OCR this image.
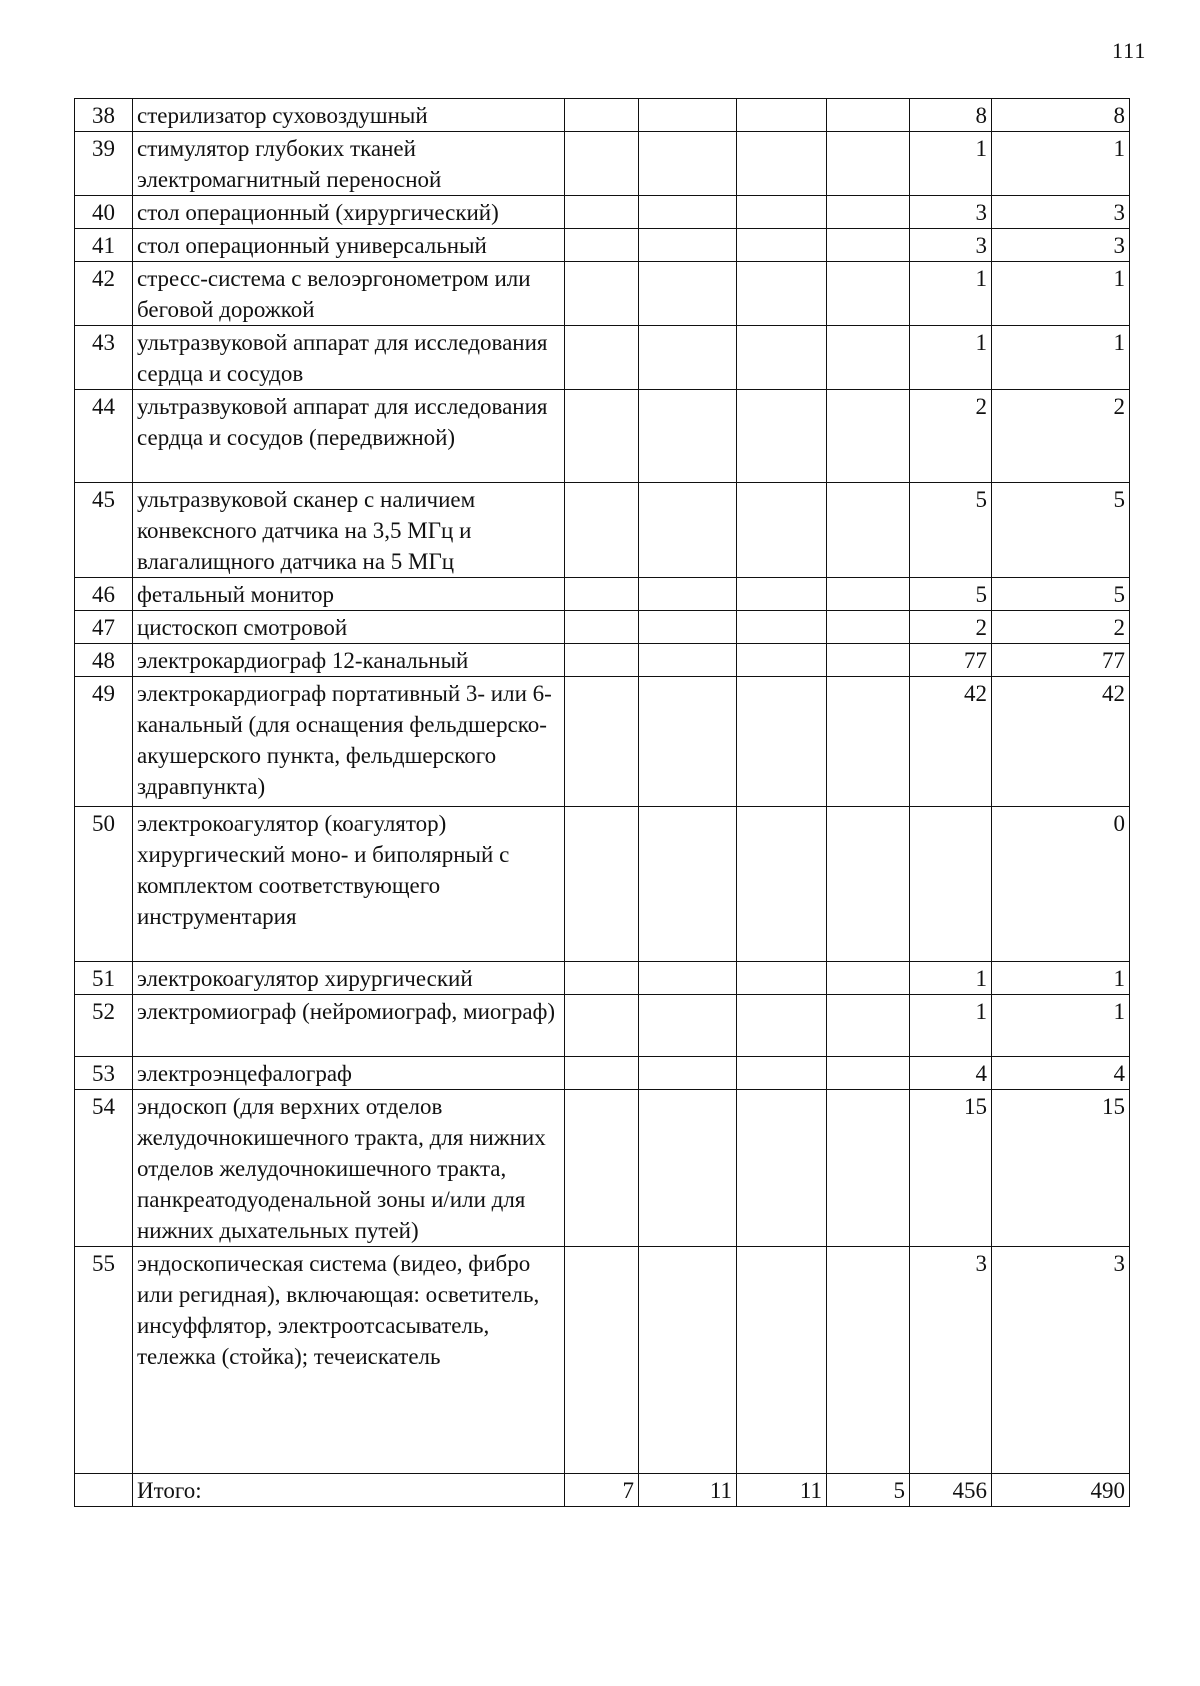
111
38	стерилизатор суховоздушный					8	8
39	стимулятор глубоких тканей электромагнитный переносной					1	1
40	стол операционный (хирургический)					3	3
41	стол операционный универсальный					3	3
42	стресс-система с велоэргонометром или беговой дорожкой					1	1
43	ультразвуковой аппарат для исследования сердца и сосудов					1	1
44	ультразвуковой аппарат для исследования сердца и сосудов (передвижной)					2	2
45	ультразвуковой сканер с наличием конвексного датчика на 3,5 МГц и влагалищного датчика на 5 МГц					5	5
46	фетальный монитор					5	5
47	цистоскоп смотровой					2	2
48	электрокардиограф 12-канальный					77	77
49	электрокардиограф портативный 3- или 6-канальный (для оснащения фельдшерско-акушерского пункта, фельдшерского здравпункта)					42	42
50	электрокоагулятор (коагулятор) хирургический моно- и биполярный с комплектом соответствующего инструментария						0
51	электрокоагулятор хирургический					1	1
52	электромиограф (нейромиограф, миограф)					1	1
53	электроэнцефалограф					4	4
54	эндоскоп (для верхних отделов желудочнокишечного тракта, для нижних отделов желудочнокишечного тракта, панкреатодуоденальной зоны и/или для нижних дыхательных путей)					15	15
55	эндоскопическая система (видео, фибро или регидная), включающая: осветитель, инсуффлятор, электроотсасыватель, тележка (стойка); течеискатель					3	3
	Итого:	7	11	11	5	456	490
